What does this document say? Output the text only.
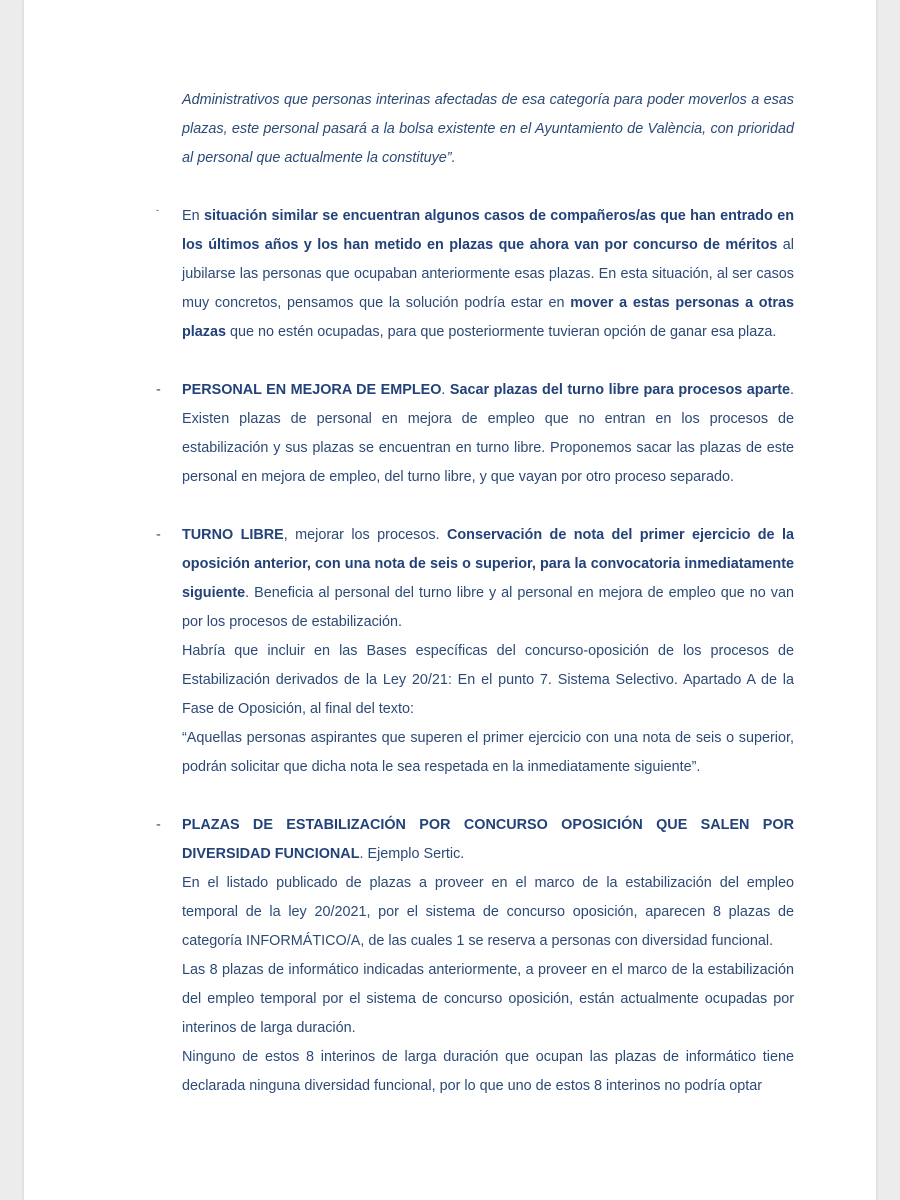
Administrativos que personas interinas afectadas de esa categoría para poder moverlos a esas plazas, este personal pasará a la bolsa existente en el Ayuntamiento de València, con prioridad al personal que actualmente la constituye”.

- En situación similar se encuentran algunos casos de compañeros/as que han entrado en los últimos años y los han metido en plazas que ahora van por concurso de méritos al jubilarse las personas que ocupaban anteriormente esas plazas. En esta situación, al ser casos muy concretos, pensamos que la solución podría estar en mover a estas personas a otras plazas que no estén ocupadas, para que posteriormente tuvieran opción de ganar esa plaza.

- PERSONAL EN MEJORA DE EMPLEO. Sacar plazas del turno libre para procesos aparte. Existen plazas de personal en mejora de empleo que no entran en los procesos de estabilización y sus plazas se encuentran en turno libre. Proponemos sacar las plazas de este personal en mejora de empleo, del turno libre, y que vayan por otro proceso separado.

- TURNO LIBRE, mejorar los procesos. Conservación de nota del primer ejercicio de la oposición anterior, con una nota de seis o superior, para la convocatoria inmediatamente siguiente. Beneficia al personal del turno libre y al personal en mejora de empleo que no van por los procesos de estabilización.

Habría que incluir en las Bases específicas del concurso-oposición de los procesos de Estabilización derivados de la Ley 20/21: En el punto 7. Sistema Selectivo. Apartado A de la Fase de Oposición, al final del texto:

“Aquellas personas aspirantes que superen el primer ejercicio con una nota de seis o superior, podrán solicitar que dicha nota le sea respetada en la inmediatamente siguiente”.

- PLAZAS DE ESTABILIZACIÓN POR CONCURSO OPOSICIÓN QUE SALEN POR DIVERSIDAD FUNCIONAL. Ejemplo Sertic.

En el listado publicado de plazas a proveer en el marco de la estabilización del empleo temporal de la ley 20/2021, por el sistema de concurso oposición, aparecen 8 plazas de categoría INFORMÁTICO/A, de las cuales 1 se reserva a personas con diversidad funcional.

Las 8 plazas de informático indicadas anteriormente, a proveer en el marco de la estabilización del empleo temporal por el sistema de concurso oposición, están actualmente ocupadas por interinos de larga duración.

Ninguno de estos 8 interinos de larga duración que ocupan las plazas de informático tiene declarada ninguna diversidad funcional, por lo que uno de estos 8 interinos no podría optar
